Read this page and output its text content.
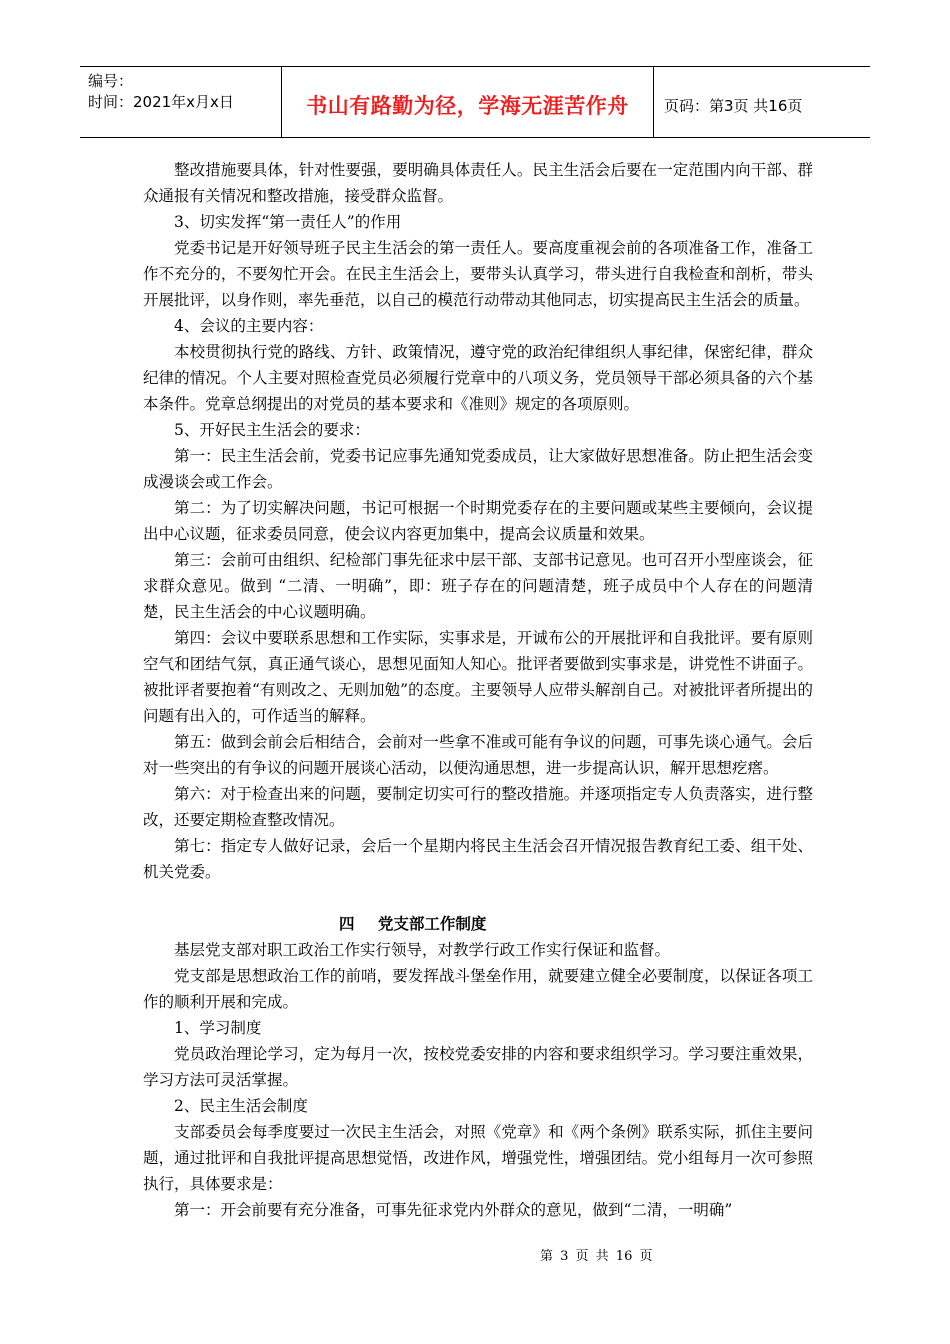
编号：
时间：2021年x月x日	书山有路勤为径，学海无涯苦作舟	页码：第3页 共16页

整改措施要具体，针对性要强，要明确具体责任人。民主生活会后要在一定范围内向干部、群众通报有关情况和整改措施，接受群众监督。

3、切实发挥“第一责任人”的作用

党委书记是开好领导班子民主生活会的第一责任人。要高度重视会前的各项准备工作，准备工作不充分的，不要匆忙开会。在民主生活会上，要带头认真学习，带头进行自我检查和剖析，带头开展批评，以身作则，率先垂范，以自己的模范行动带动其他同志，切实提高民主生活会的质量。

4、会议的主要内容：

本校贯彻执行党的路线、方针、政策情况，遵守党的政治纪律组织人事纪律，保密纪律，群众纪律的情况。个人主要对照检查党员必须履行党章中的八项义务，党员领导干部必须具备的六个基本条件。党章总纲提出的对党员的基本要求和《准则》规定的各项原则。

5、开好民主生活会的要求：

第一：民主生活会前，党委书记应事先通知党委成员，让大家做好思想准备。防止把生活会变成漫谈会或工作会。

第二：为了切实解决问题，书记可根据一个时期党委存在的主要问题或某些主要倾向，会议提出中心议题，征求委员同意，使会议内容更加集中，提高会议质量和效果。

第三：会前可由组织、纪检部门事先征求中层干部、支部书记意见。也可召开小型座谈会，征求群众意见。做到 “二清、一明确”，即：班子存在的问题清楚，班子成员中个人存在的问题清楚，民主生活会的中心议题明确。

第四：会议中要联系思想和工作实际，实事求是，开诚布公的开展批评和自我批评。要有原则空气和团结气氛，真正通气谈心，思想见面知人知心。批评者要做到实事求是，讲党性不讲面子。被批评者要抱着“有则改之、无则加勉”的态度。主要领导人应带头解剖自己。对被批评者所提出的问题有出入的，可作适当的解释。

第五：做到会前会后相结合，会前对一些拿不准或可能有争议的问题，可事先谈心通气。会后对一些突出的有争议的问题开展谈心活动，以便沟通思想，进一步提高认识，解开思想疙瘩。

第六：对于检查出来的问题，要制定切实可行的整改措施。并逐项指定专人负责落实，进行整改，还要定期检查整改情况。

第七：指定专人做好记录，会后一个星期内将民主生活会召开情况报告教育纪工委、组干处、机关党委。

四 党支部工作制度

基层党支部对职工政治工作实行领导，对教学行政工作实行保证和监督。

党支部是思想政治工作的前哨，要发挥战斗堡垒作用，就要建立健全必要制度，以保证各项工作的顺利开展和完成。

1、学习制度

党员政治理论学习，定为每月一次，按校党委安排的内容和要求组织学习。学习要注重效果，学习方法可灵活掌握。

2、民主生活会制度

支部委员会每季度要过一次民主生活会，对照《党章》和《两个条例》联系实际，抓住主要问题，通过批评和自我批评提高思想觉悟，改进作风，增强党性，增强团结。党小组每月一次可参照执行，具体要求是：

第一：开会前要有充分准备，可事先征求党内外群众的意见，做到“二清，一明确”

第 3 页 共 16 页
